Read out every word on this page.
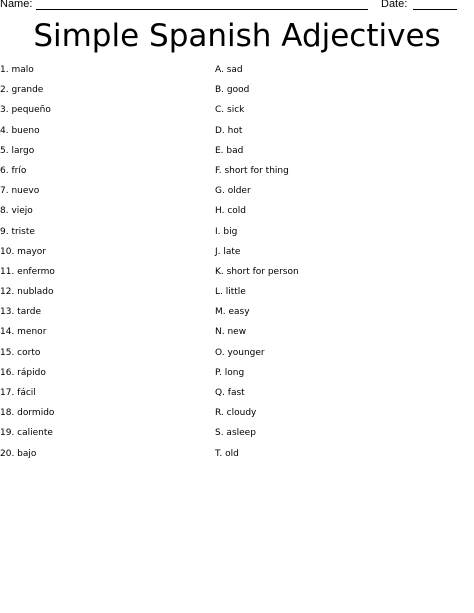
Name:	Date:
Simple Spanish Adjectives
1. malo
2. grande
3. pequeño
4. bueno
5. largo
6. frío
7. nuevo
8. viejo
9. triste
10. mayor
11. enfermo
12. nublado
13. tarde
14. menor
15. corto
16. rápido
17. fácil
18. dormido
19. caliente
20. bajo
A. sad
B. good
C. sick
D. hot
E. bad
F. short for thing
G. older
H. cold
I. big
J. late
K. short for person
L. little
M. easy
N. new
O. younger
P. long
Q. fast
R. cloudy
S. asleep
T. old
